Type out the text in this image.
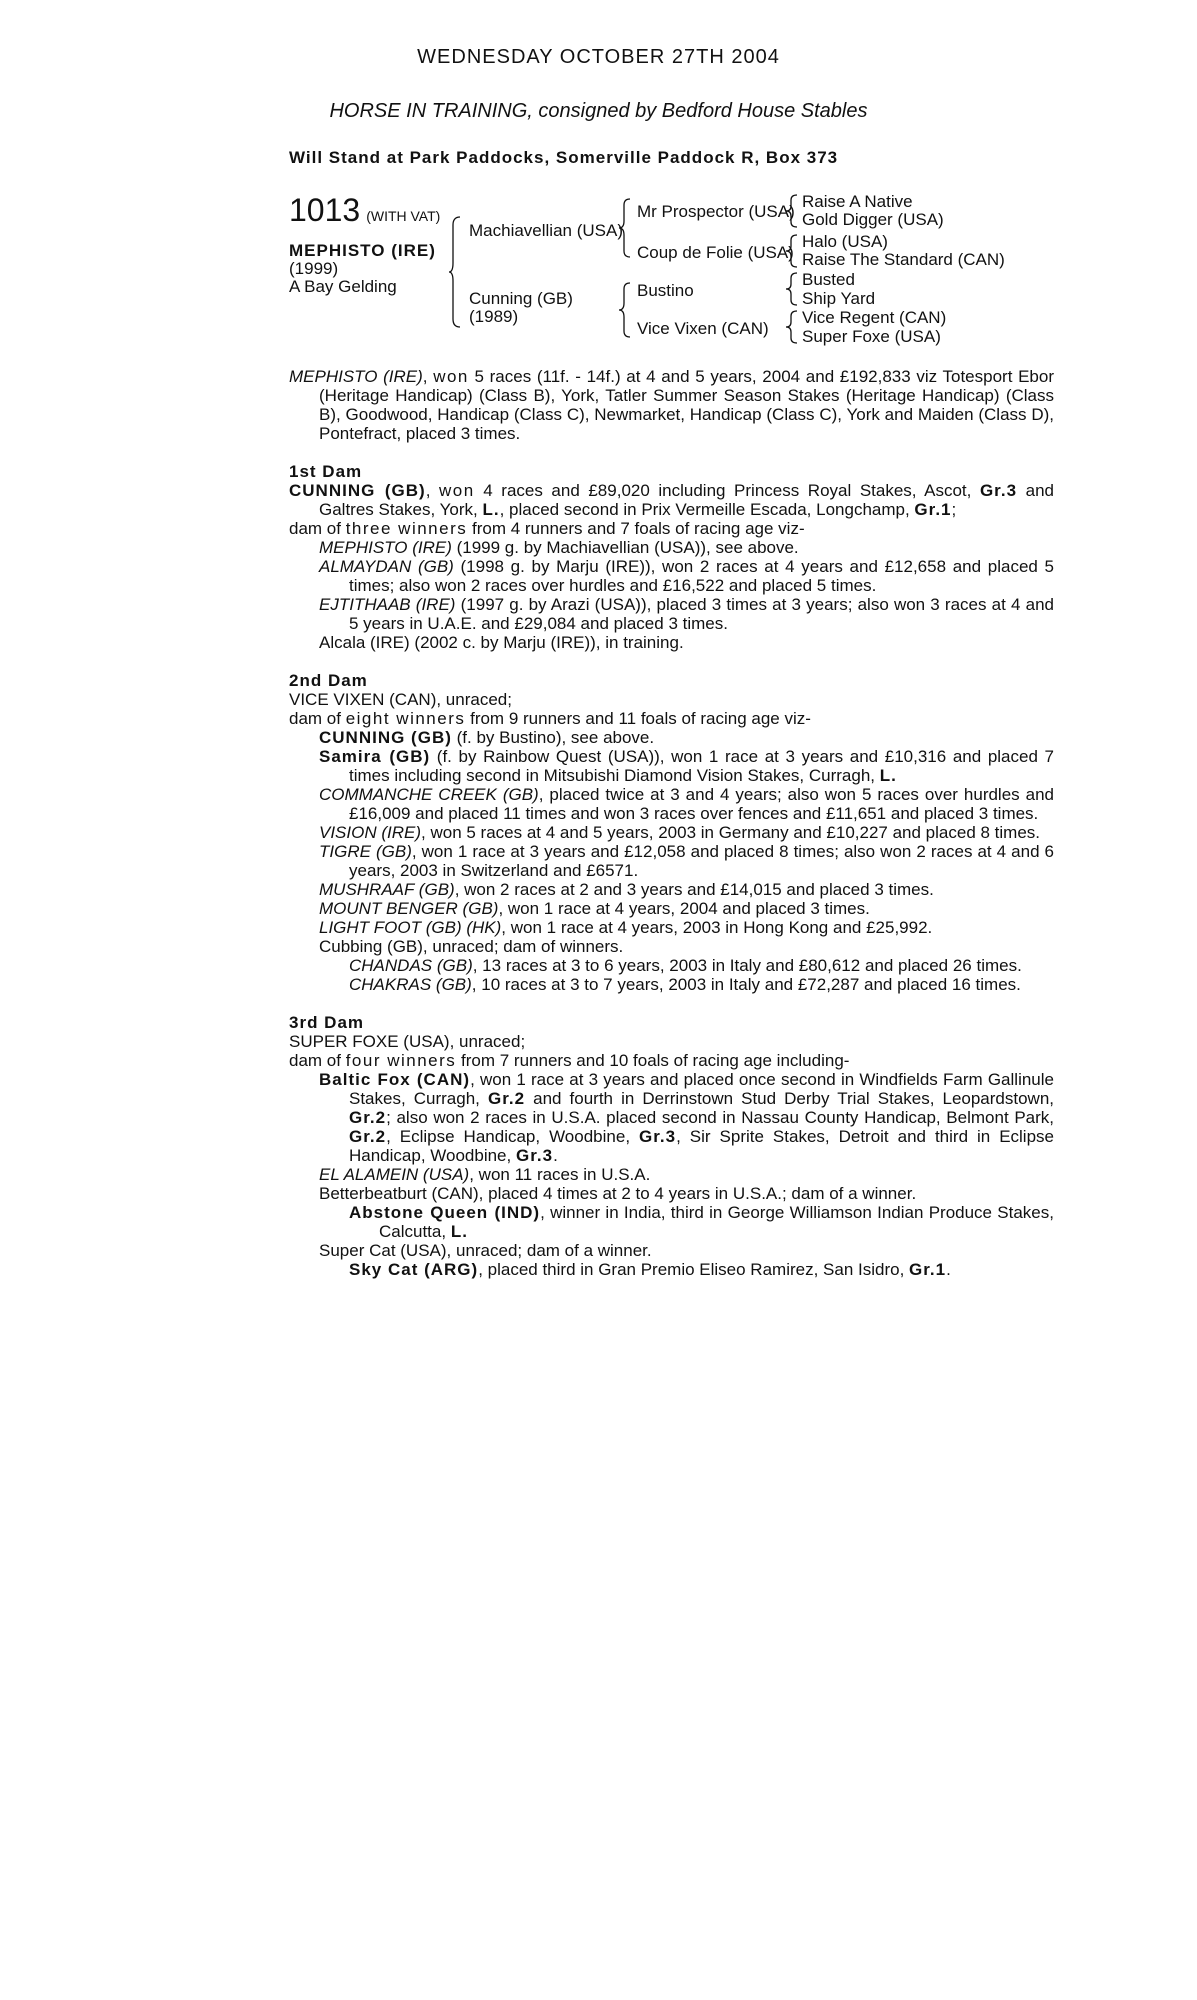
WEDNESDAY OCTOBER 27TH 2004
HORSE IN TRAINING, consigned by Bedford House Stables
Will Stand at Park Paddocks, Somerville Paddock R, Box 373
1013 (WITH VAT)
MEPHISTO (IRE)
(1999)
A Bay Gelding
Machiavellian (USA)
Cunning (GB)
(1989)
Mr Prospector (USA)
Coup de Folie (USA)
Bustino
Vice Vixen (CAN)
Raise A Native
Gold Digger (USA)
Halo (USA)
Raise The Standard (CAN)
Busted
Ship Yard
Vice Regent (CAN)
Super Foxe (USA)
MEPHISTO (IRE), won 5 races (11f. - 14f.) at 4 and 5 years, 2004 and £192,833 viz Totesport Ebor (Heritage Handicap) (Class B), York, Tatler Summer Season Stakes (Heritage Handicap) (Class B), Goodwood, Handicap (Class C), Newmarket, Handicap (Class C), York and Maiden (Class D), Pontefract, placed 3 times.
1st Dam
CUNNING (GB), won 4 races and £89,020 including Princess Royal Stakes, Ascot, Gr.3 and Galtres Stakes, York, L., placed second in Prix Vermeille Escada, Longchamp, Gr.1;
dam of three winners from 4 runners and 7 foals of racing age viz-
MEPHISTO (IRE) (1999 g. by Machiavellian (USA)), see above.
ALMAYDAN (GB) (1998 g. by Marju (IRE)), won 2 races at 4 years and £12,658 and placed 5 times; also won 2 races over hurdles and £16,522 and placed 5 times.
EJTITHAAB (IRE) (1997 g. by Arazi (USA)), placed 3 times at 3 years; also won 3 races at 4 and 5 years in U.A.E. and £29,084 and placed 3 times.
Alcala (IRE) (2002 c. by Marju (IRE)), in training.
2nd Dam
VICE VIXEN (CAN), unraced;
dam of eight winners from 9 runners and 11 foals of racing age viz-
CUNNING (GB) (f. by Bustino), see above.
Samira (GB) (f. by Rainbow Quest (USA)), won 1 race at 3 years and £10,316 and placed 7 times including second in Mitsubishi Diamond Vision Stakes, Curragh, L.
COMMANCHE CREEK (GB), placed twice at 3 and 4 years; also won 5 races over hurdles and £16,009 and placed 11 times and won 3 races over fences and £11,651 and placed 3 times.
VISION (IRE), won 5 races at 4 and 5 years, 2003 in Germany and £10,227 and placed 8 times.
TIGRE (GB), won 1 race at 3 years and £12,058 and placed 8 times; also won 2 races at 4 and 6 years, 2003 in Switzerland and £6571.
MUSHRAAF (GB), won 2 races at 2 and 3 years and £14,015 and placed 3 times.
MOUNT BENGER (GB), won 1 race at 4 years, 2004 and placed 3 times.
LIGHT FOOT (GB) (HK), won 1 race at 4 years, 2003 in Hong Kong and £25,992.
Cubbing (GB), unraced; dam of winners.
CHANDAS (GB), 13 races at 3 to 6 years, 2003 in Italy and £80,612 and placed 26 times.
CHAKRAS (GB), 10 races at 3 to 7 years, 2003 in Italy and £72,287 and placed 16 times.
3rd Dam
SUPER FOXE (USA), unraced;
dam of four winners from 7 runners and 10 foals of racing age including-
Baltic Fox (CAN), won 1 race at 3 years and placed once second in Windfields Farm Gallinule Stakes, Curragh, Gr.2 and fourth in Derrinstown Stud Derby Trial Stakes, Leopardstown, Gr.2; also won 2 races in U.S.A. placed second in Nassau County Handicap, Belmont Park, Gr.2, Eclipse Handicap, Woodbine, Gr.3, Sir Sprite Stakes, Detroit and third in Eclipse Handicap, Woodbine, Gr.3.
EL ALAMEIN (USA), won 11 races in U.S.A.
Betterbeatburt (CAN), placed 4 times at 2 to 4 years in U.S.A.; dam of a winner.
Abstone Queen (IND), winner in India, third in George Williamson Indian Produce Stakes, Calcutta, L.
Super Cat (USA), unraced; dam of a winner.
Sky Cat (ARG), placed third in Gran Premio Eliseo Ramirez, San Isidro, Gr.1.
